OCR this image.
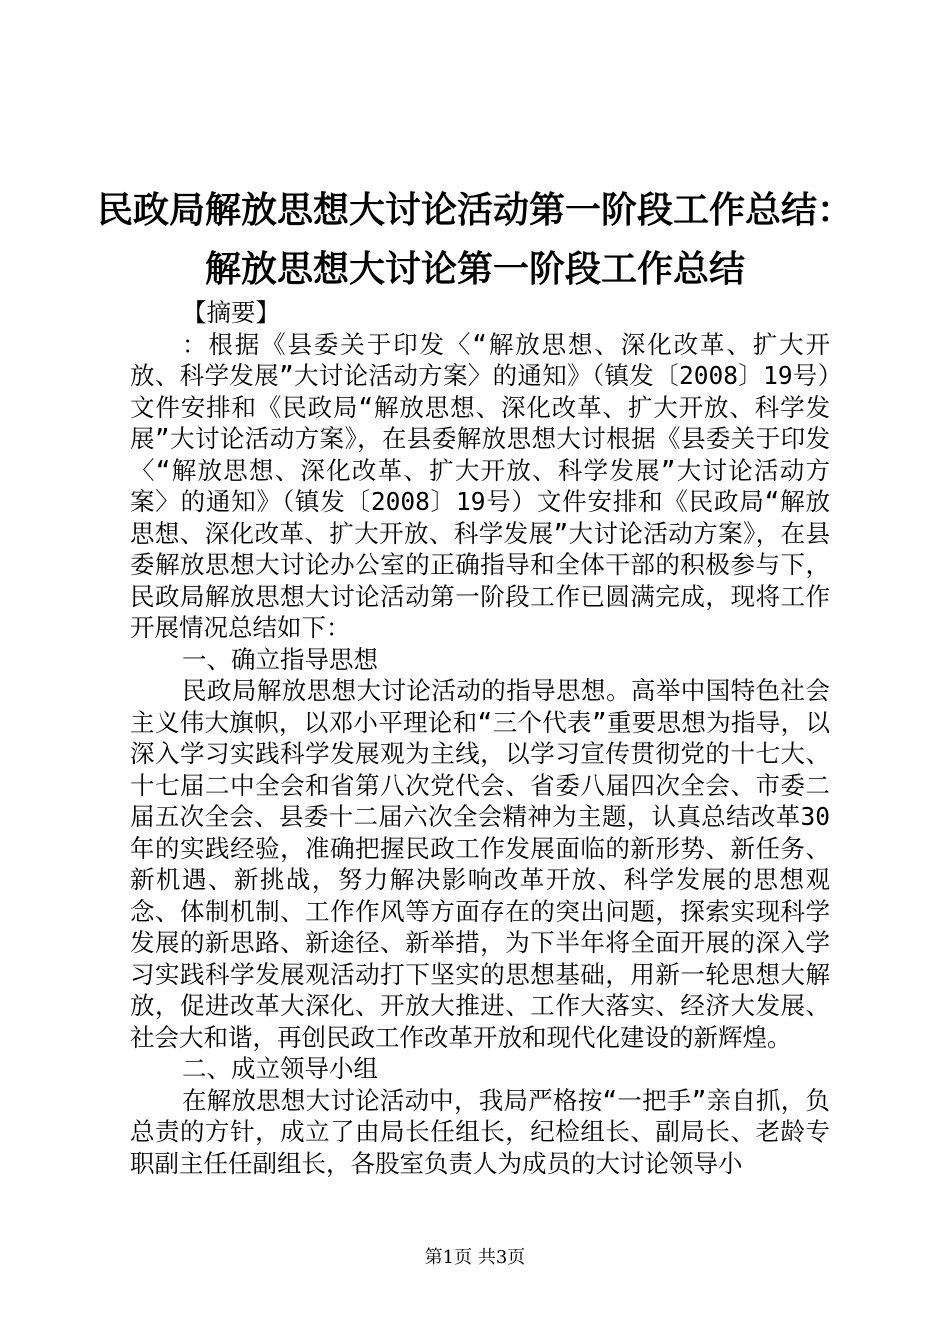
民政局解放思想大讨论活动第一阶段工作总结：
解放思想大讨论第一阶段工作总结

【摘要】

：根据《县委关于印发〈“解放思想、深化改革、扩大开放、科学发展”大讨论活动方案〉的通知》（镇发〔2008〕19号）文件安排和《民政局“解放思想、深化改革、扩大开放、科学发展”大讨论活动方案》，在县委解放思想大讨根据《县委关于印发〈“解放思想、深化改革、扩大开放、科学发展”大讨论活动方案〉的通知》（镇发〔2008〕19号）文件安排和《民政局“解放思想、深化改革、扩大开放、科学发展”大讨论活动方案》，在县委解放思想大讨论办公室的正确指导和全体干部的积极参与下，民政局解放思想大讨论活动第一阶段工作已圆满完成，现将工作开展情况总结如下：

一、确立指导思想

民政局解放思想大讨论活动的指导思想。高举中国特色社会主义伟大旗帜，以邓小平理论和“三个代表”重要思想为指导，以深入学习实践科学发展观为主线，以学习宣传贯彻党的十七大、十七届二中全会和省第八次党代会、省委八届四次全会、市委二届五次全会、县委十二届六次全会精神为主题，认真总结改革30年的实践经验，准确把握民政工作发展面临的新形势、新任务、新机遇、新挑战，努力解决影响改革开放、科学发展的思想观念、体制机制、工作作风等方面存在的突出问题，探索实现科学发展的新思路、新途径、新举措，为下半年将全面开展的深入学习实践科学发展观活动打下坚实的思想基础，用新一轮思想大解放，促进改革大深化、开放大推进、工作大落实、经济大发展、社会大和谐，再创民政工作改革开放和现代化建设的新辉煌。

二、成立领导小组

在解放思想大讨论活动中，我局严格按“一把手”亲自抓，负总责的方针，成立了由局长任组长，纪检组长、副局长、老龄专职副主任任副组长，各股室负责人为成员的大讨论领导小

第1页 共3页
